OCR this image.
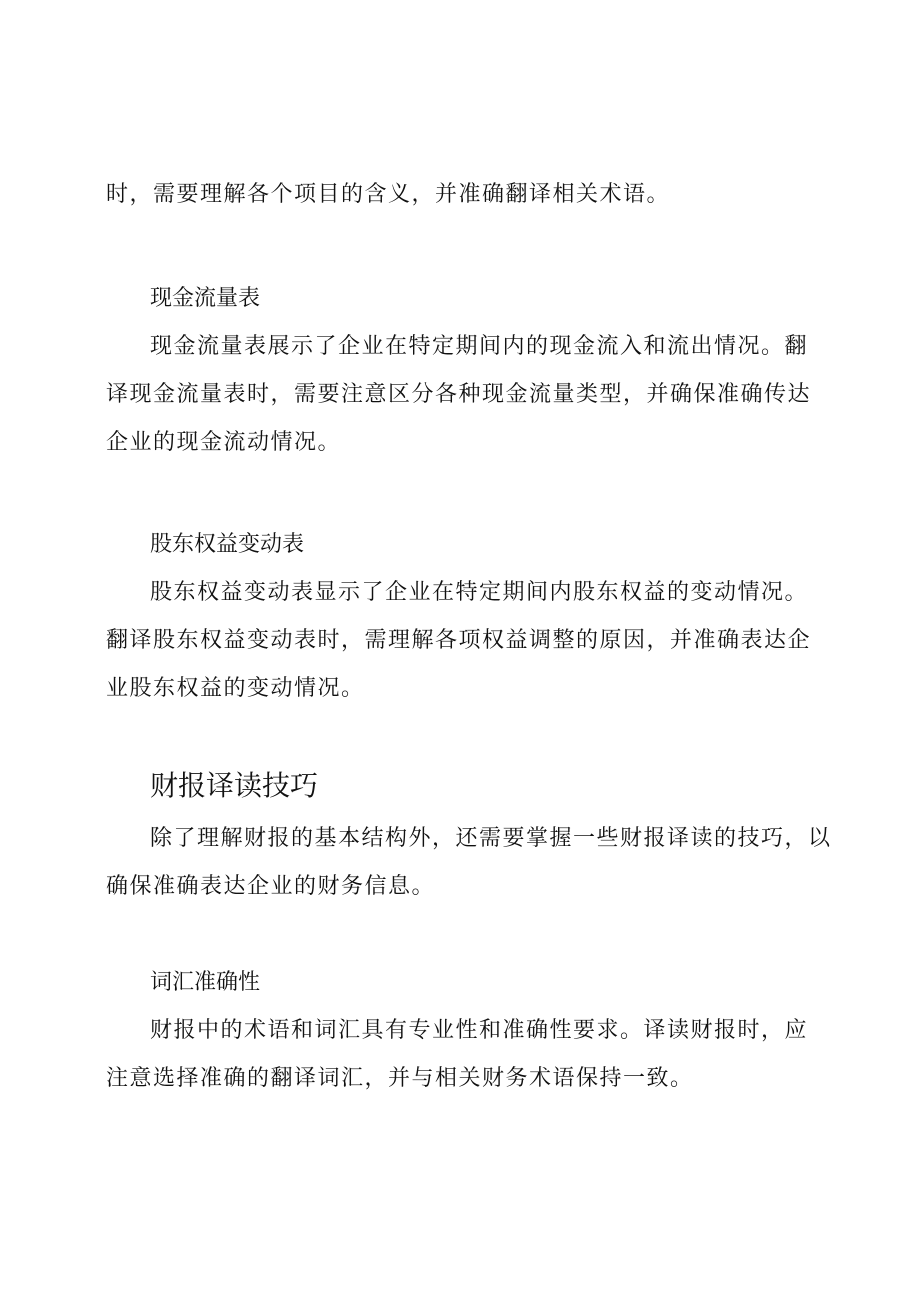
时，需要理解各个项目的含义，并准确翻译相关术语。
现金流量表
现金流量表展示了企业在特定期间内的现金流入和流出情况。翻
译现金流量表时，需要注意区分各种现金流量类型，并确保准确传达
企业的现金流动情况。
股东权益变动表
股东权益变动表显示了企业在特定期间内股东权益的变动情况。
翻译股东权益变动表时，需理解各项权益调整的原因，并准确表达企
业股东权益的变动情况。
财报译读技巧
除了理解财报的基本结构外，还需要掌握一些财报译读的技巧，以
确保准确表达企业的财务信息。
词汇准确性
财报中的术语和词汇具有专业性和准确性要求。译读财报时，应
注意选择准确的翻译词汇，并与相关财务术语保持一致。
